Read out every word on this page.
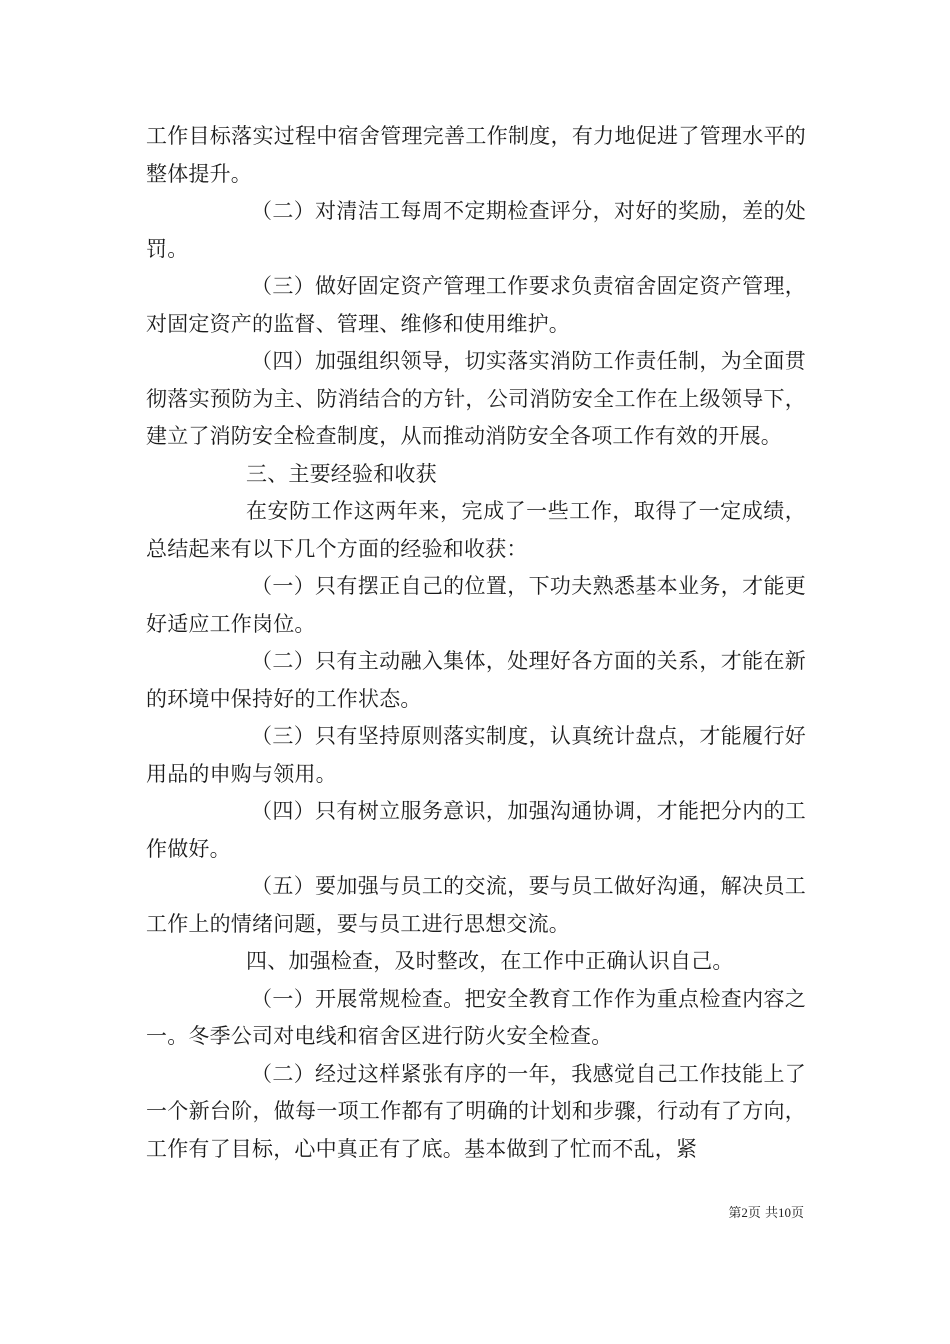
工作目标落实过程中宿舍管理完善工作制度，有力地促进了管理水平的整体提升。

（二）对清洁工每周不定期检查评分，对好的奖励，差的处罚。

（三）做好固定资产管理工作要求负责宿舍固定资产管理，对固定资产的监督、管理、维修和使用维护。

（四）加强组织领导，切实落实消防工作责任制，为全面贯彻落实预防为主、防消结合的方针，公司消防安全工作在上级领导下，建立了消防安全检查制度，从而推动消防安全各项工作有效的开展。

三、主要经验和收获

在安防工作这两年来，完成了一些工作，取得了一定成绩，总结起来有以下几个方面的经验和收获：

（一）只有摆正自己的位置，下功夫熟悉基本业务，才能更好适应工作岗位。

（二）只有主动融入集体，处理好各方面的关系，才能在新的环境中保持好的工作状态。

（三）只有坚持原则落实制度，认真统计盘点，才能履行好用品的申购与领用。

（四）只有树立服务意识，加强沟通协调，才能把分内的工作做好。

（五）要加强与员工的交流，要与员工做好沟通，解决员工工作上的情绪问题，要与员工进行思想交流。

四、加强检查，及时整改，在工作中正确认识自己。

（一）开展常规检查。把安全教育工作作为重点检查内容之一。冬季公司对电线和宿舍区进行防火安全检查。

（二）经过这样紧张有序的一年，我感觉自己工作技能上了一个新台阶，做每一项工作都有了明确的计划和步骤，行动有了方向，工作有了目标，心中真正有了底。基本做到了忙而不乱，紧

第2页 共10页
